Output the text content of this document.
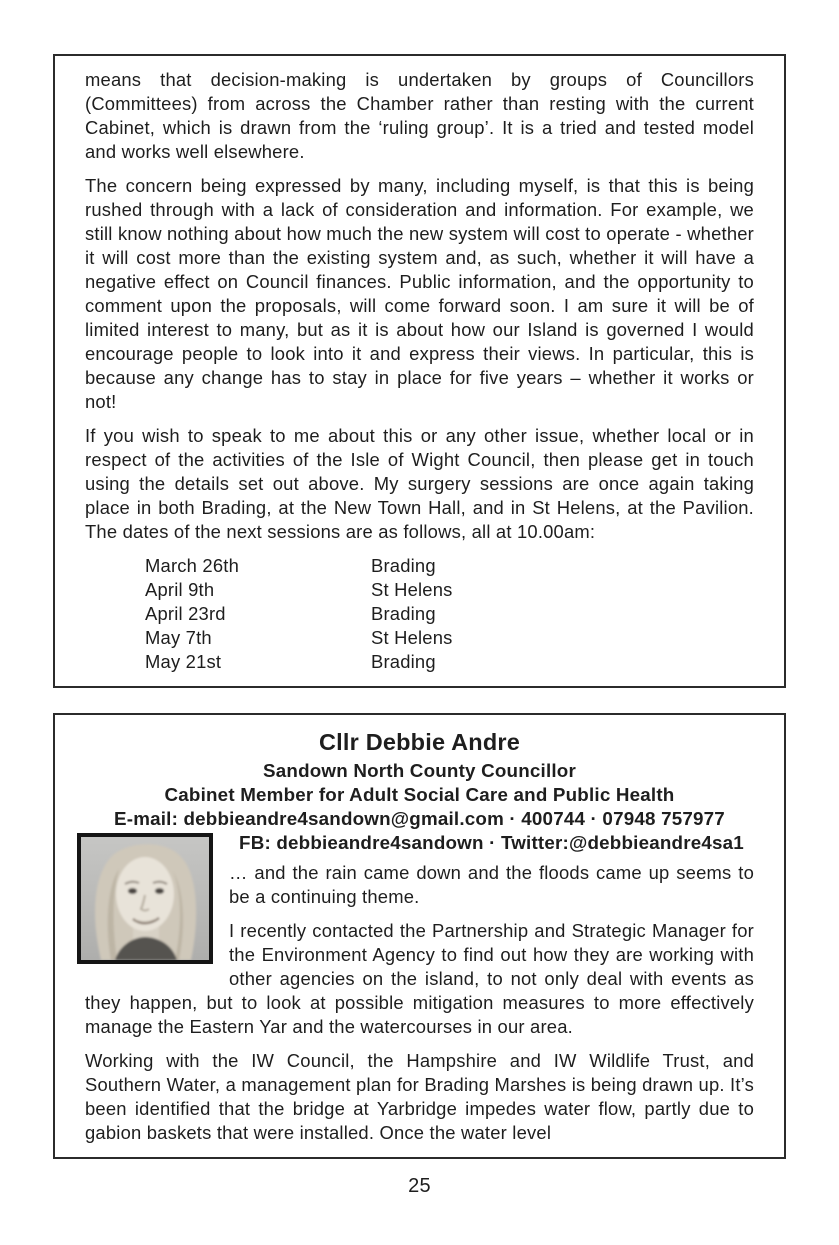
means that decision-making is undertaken by groups of Councillors (Committees) from across the Chamber rather than resting with the current Cabinet, which is drawn from the ‘ruling group’. It is a tried and tested model and works well elsewhere.

The concern being expressed by many, including myself, is that this is being rushed through with a lack of consideration and information. For example, we still know nothing about how much the new system will cost to operate - whether it will cost more than the existing system and, as such, whether it will have a negative effect on Council finances. Public information, and the opportunity to comment upon the proposals, will come forward soon. I am sure it will be of limited interest to many, but as it is about how our Island is governed I would encourage people to look into it and express their views. In particular, this is because any change has to stay in place for five years – whether it works or not!

If you wish to speak to me about this or any other issue, whether local or in respect of the activities of the Isle of Wight Council, then please get in touch using the details set out above. My surgery sessions are once again taking place in both Brading, at the New Town Hall, and in St Helens, at the Pavilion. The dates of the next sessions are as follows, all at 10.00am:

March 26th	Brading
April 9th	St Helens
April 23rd	Brading
May 7th	St Helens
May 21st	Brading
Cllr Debbie Andre
Sandown North County Councillor
Cabinet Member for Adult Social Care and Public Health
E-mail: debbieandre4sandown@gmail.com · 400744 · 07948 757977
FB: debbieandre4sandown · Twitter:@debbieandre4sa1

… and the rain came down and the floods came up seems to be a continuing theme.

I recently contacted the Partnership and Strategic Manager for the Environment Agency to find out how they are working with other agencies on the island, to not only deal with events as they happen, but to look at possible mitigation measures to more effectively manage the Eastern Yar and the watercourses in our area.

Working with the IW Council, the Hampshire and IW Wildlife Trust, and Southern Water, a management plan for Brading Marshes is being drawn up. It’s been identified that the bridge at Yarbridge impedes water flow, partly due to gabion baskets that were installed. Once the water level

25
